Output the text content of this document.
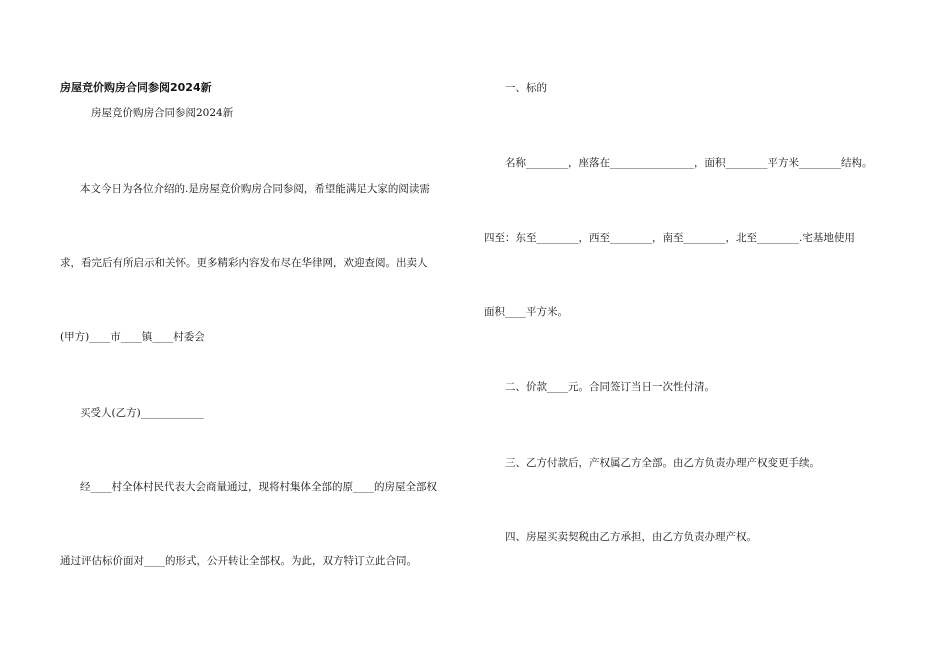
房屋竞价购房合同参阅2024新
房屋竞价购房合同参阅2024新
本文今日为各位介绍的.是房屋竞价购房合同参阅，希望能满足大家的阅读需
求，看完后有所启示和关怀。更多精彩内容发布尽在华律网，欢迎查阅。出卖人
(甲方)____市____镇____村委会
买受人(乙方)____________
经____村全体村民代表大会商量通过，现将村集体全部的原____的房屋全部权
通过评估标价面对____的形式，公开转让全部权。为此，双方特订立此合同。
一、标的
名称________，座落在________________，面积________平方米________结构。
四至：东至________，西至________，南至________，北至________.宅基地使用
面积____平方米。
二、价款____元。合同签订当日一次性付清。
三、乙方付款后，产权属乙方全部。由乙方负责办理产权变更手续。
四、房屋买卖契税由乙方承担，由乙方负责办理产权。
